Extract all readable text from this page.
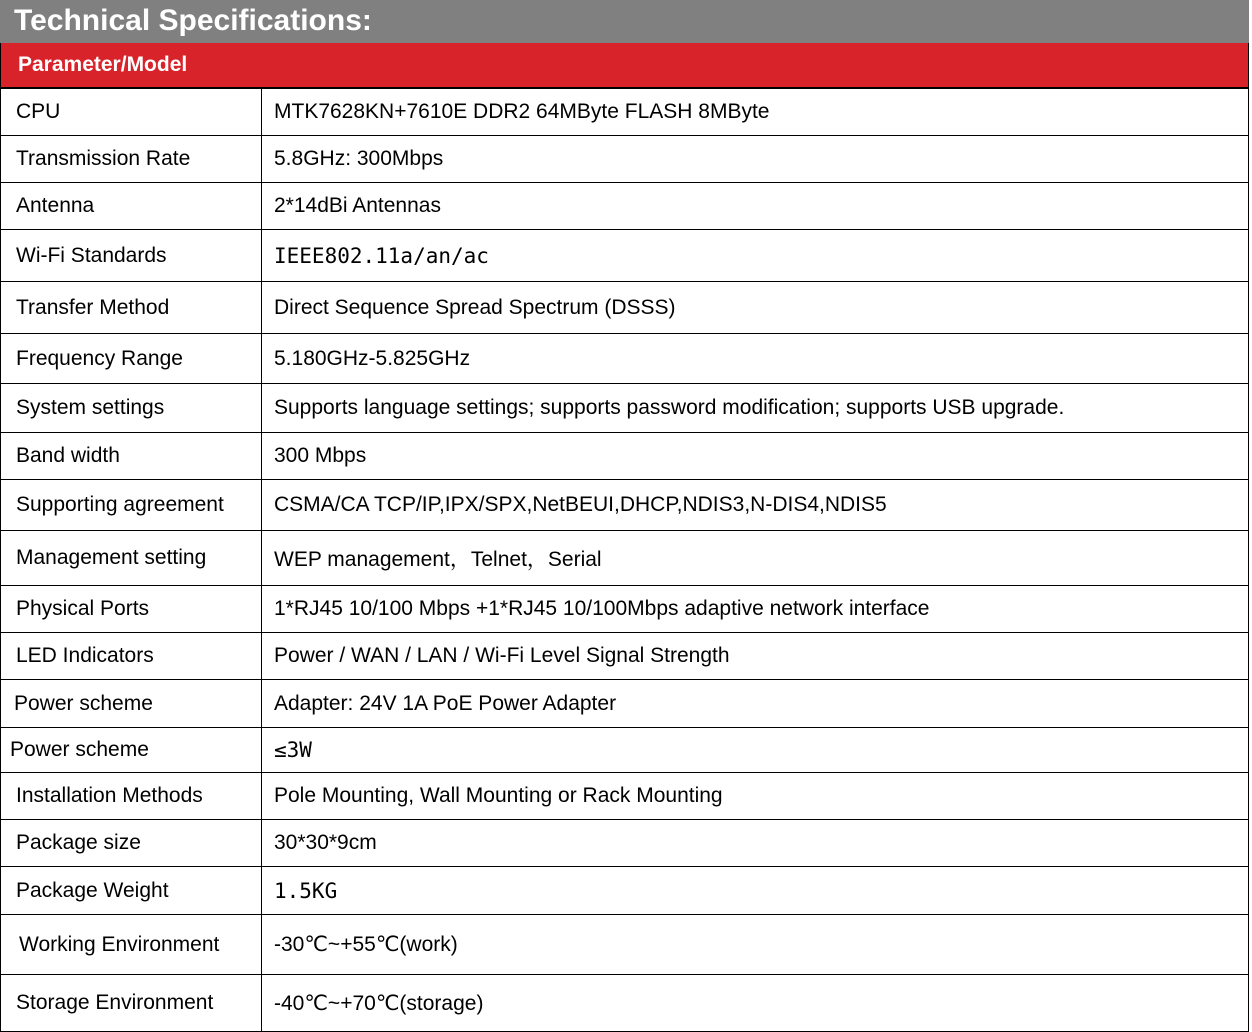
Technical Specifications:
Parameter/Model
CPU	MTK7628KN+7610E DDR2 64MByte FLASH 8MByte
Transmission Rate	5.8GHz: 300Mbps
Antenna	2*14dBi Antennas
Wi-Fi Standards	IEEE802.11a/an/ac
Transfer Method	Direct Sequence Spread Spectrum (DSSS)
Frequency Range	5.180GHz-5.825GHz
System settings	Supports language settings; supports password modification; supports USB upgrade.
Band width	300 Mbps
Supporting agreement	CSMA/CA TCP/IP,IPX/SPX,NetBEUI,DHCP,NDIS3,N-DIS4,NDIS5
Management setting	WEP management，Telnet，Serial
Physical Ports	1*RJ45 10/100 Mbps +1*RJ45 10/100Mbps adaptive network interface
LED Indicators	Power / WAN / LAN / Wi-Fi Level Signal Strength
Power scheme	Adapter: 24V 1A PoE Power Adapter
Power scheme	≤3W
Installation Methods	Pole Mounting, Wall Mounting or Rack Mounting
Package size	30*30*9cm
Package Weight	1.5KG
Working Environment	-30℃~+55℃(work)
Storage Environment	-40℃~+70℃(storage)
